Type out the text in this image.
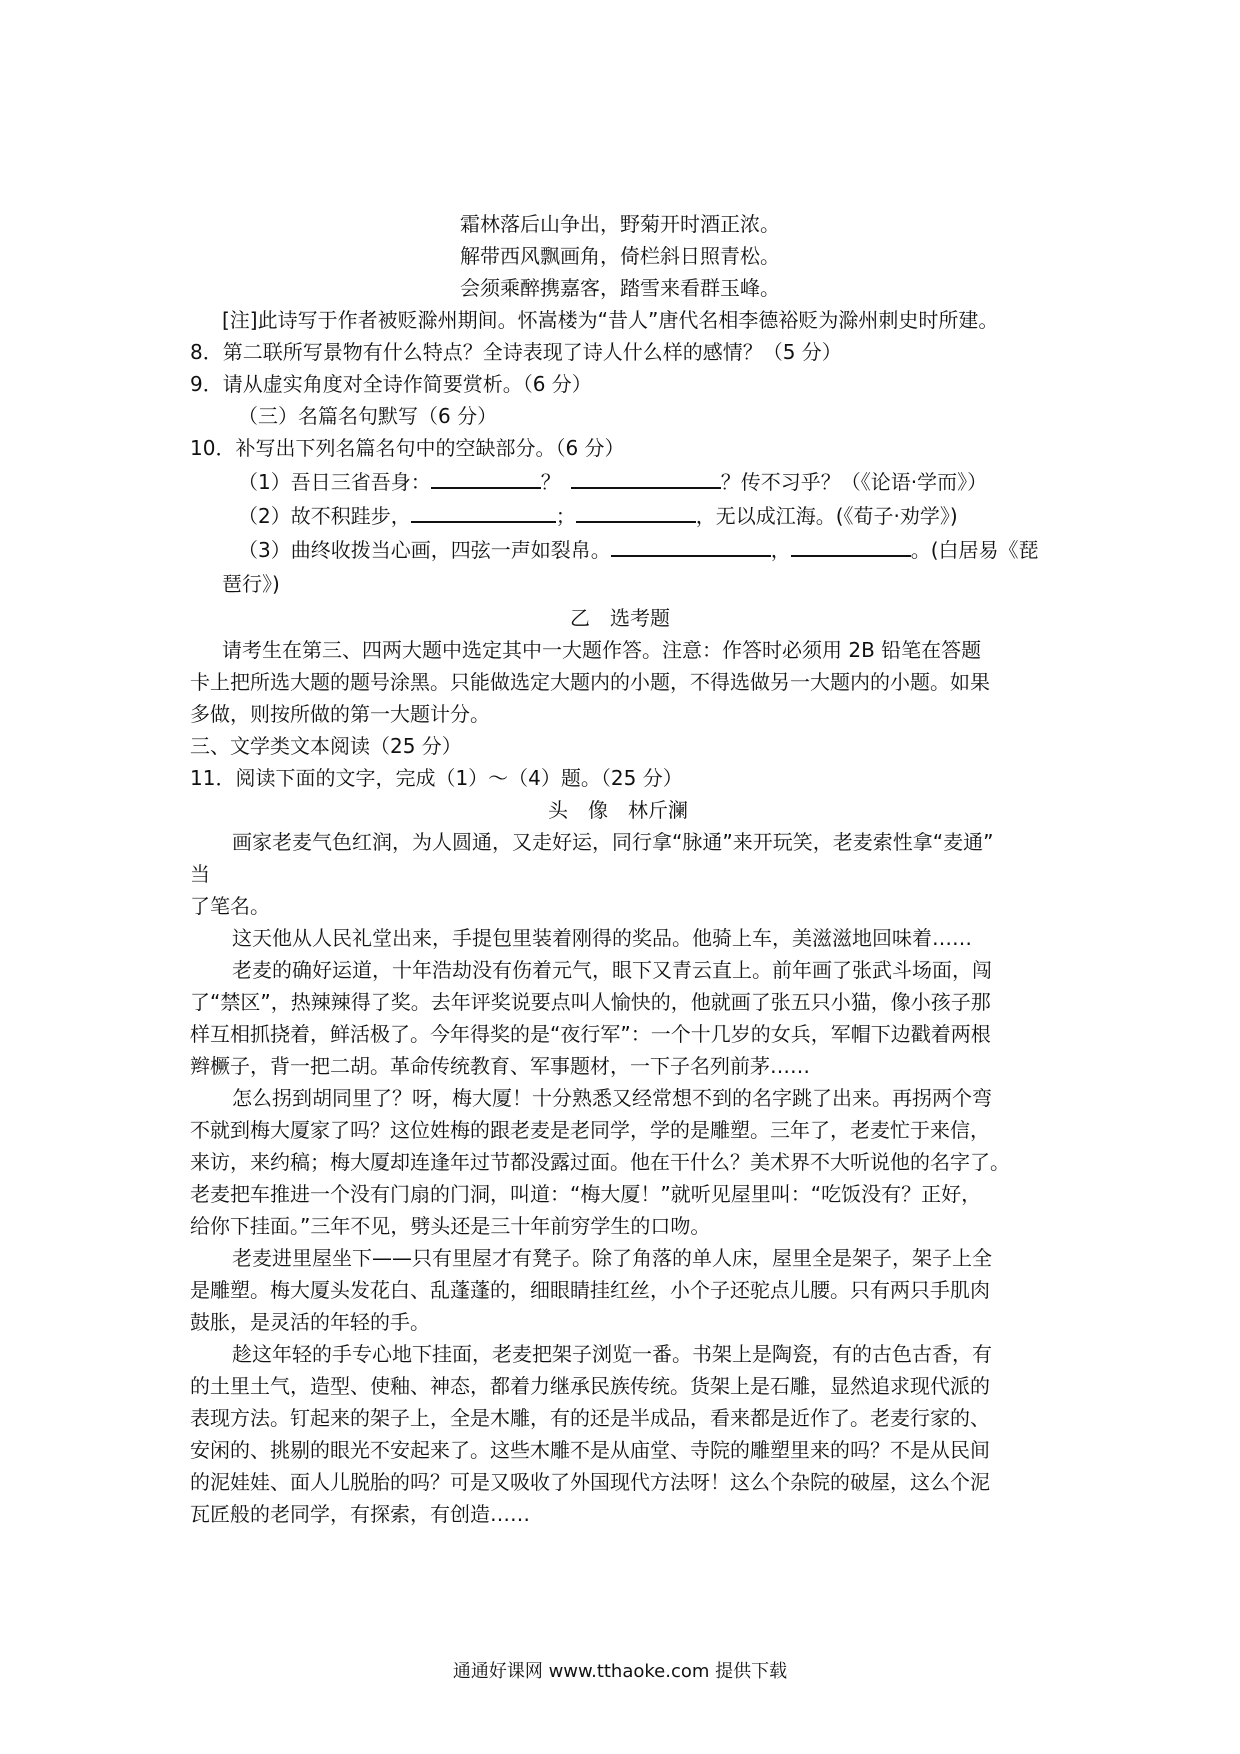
霜林落后山争出，野菊开时酒正浓。
解带西风飘画角，倚栏斜日照青松。
会须乘醉携嘉客，踏雪来看群玉峰。
[注]此诗写于作者被贬滁州期间。怀嵩楼为“昔人”唐代名相李德裕贬为滁州刺史时所建。
8．第二联所写景物有什么特点？全诗表现了诗人什么样的感情？（5 分）
9．请从虚实角度对全诗作简要赏析。（6 分）
（三）名篇名句默写（6 分）
10．补写出下列名篇名句中的空缺部分。（6 分）
（1）吾日三省吾身：	？ 	？传不习乎？（《论语·学而》）
（2）故不积跬步，	；	，无以成江海。(《荀子·劝学》)
（3）曲终收拨当心画，四弦一声如裂帛。	，	。(白居易《琵
琶行》)
乙　选考题
请考生在第三、四两大题中选定其中一大题作答。注意：作答时必须用 2B 铅笔在答题
卡上把所选大题的题号涂黑。只能做选定大题内的小题，不得选做另一大题内的小题。如果
多做，则按所做的第一大题计分。
三、文学类文本阅读（25 分）
11．阅读下面的文字，完成（1）～（4）题。（25 分）
头　像　林斤澜
画家老麦气色红润，为人圆通，又走好运，同行拿“脉通”来开玩笑，老麦索性拿“麦通”
当
了笔名。
这天他从人民礼堂出来，手提包里装着刚得的奖品。他骑上车，美滋滋地回味着……
老麦的确好运道，十年浩劫没有伤着元气，眼下又青云直上。前年画了张武斗场面，闯
了“禁区”，热辣辣得了奖。去年评奖说要点叫人愉快的，他就画了张五只小猫，像小孩子那
样互相抓挠着，鲜活极了。今年得奖的是“夜行军”：一个十几岁的女兵，军帽下边戳着两根
辫橛子，背一把二胡。革命传统教育、军事题材，一下子名列前茅……
怎么拐到胡同里了？呀，梅大厦！十分熟悉又经常想不到的名字跳了出来。再拐两个弯
不就到梅大厦家了吗？这位姓梅的跟老麦是老同学，学的是雕塑。三年了，老麦忙于来信，
来访，来约稿；梅大厦却连逢年过节都没露过面。他在干什么？美术界不大听说他的名字了。
老麦把车推进一个没有门扇的门洞，叫道：“梅大厦！”就听见屋里叫：“吃饭没有？正好，
给你下挂面。”三年不见，劈头还是三十年前穷学生的口吻。
老麦进里屋坐下——只有里屋才有凳子。除了角落的单人床，屋里全是架子，架子上全
是雕塑。梅大厦头发花白、乱蓬蓬的，细眼睛挂红丝，小个子还驼点儿腰。只有两只手肌肉
鼓胀，是灵活的年轻的手。
趁这年轻的手专心地下挂面，老麦把架子浏览一番。书架上是陶瓷，有的古色古香，有
的土里土气，造型、使釉、神态，都着力继承民族传统。货架上是石雕，显然追求现代派的
表现方法。钉起来的架子上，全是木雕，有的还是半成品，看来都是近作了。老麦行家的、
安闲的、挑剔的眼光不安起来了。这些木雕不是从庙堂、寺院的雕塑里来的吗？不是从民间
的泥娃娃、面人儿脱胎的吗？可是又吸收了外国现代方法呀！这么个杂院的破屋，这么个泥
瓦匠般的老同学，有探索，有创造……
通通好课网 www.tthaoke.com 提供下载
